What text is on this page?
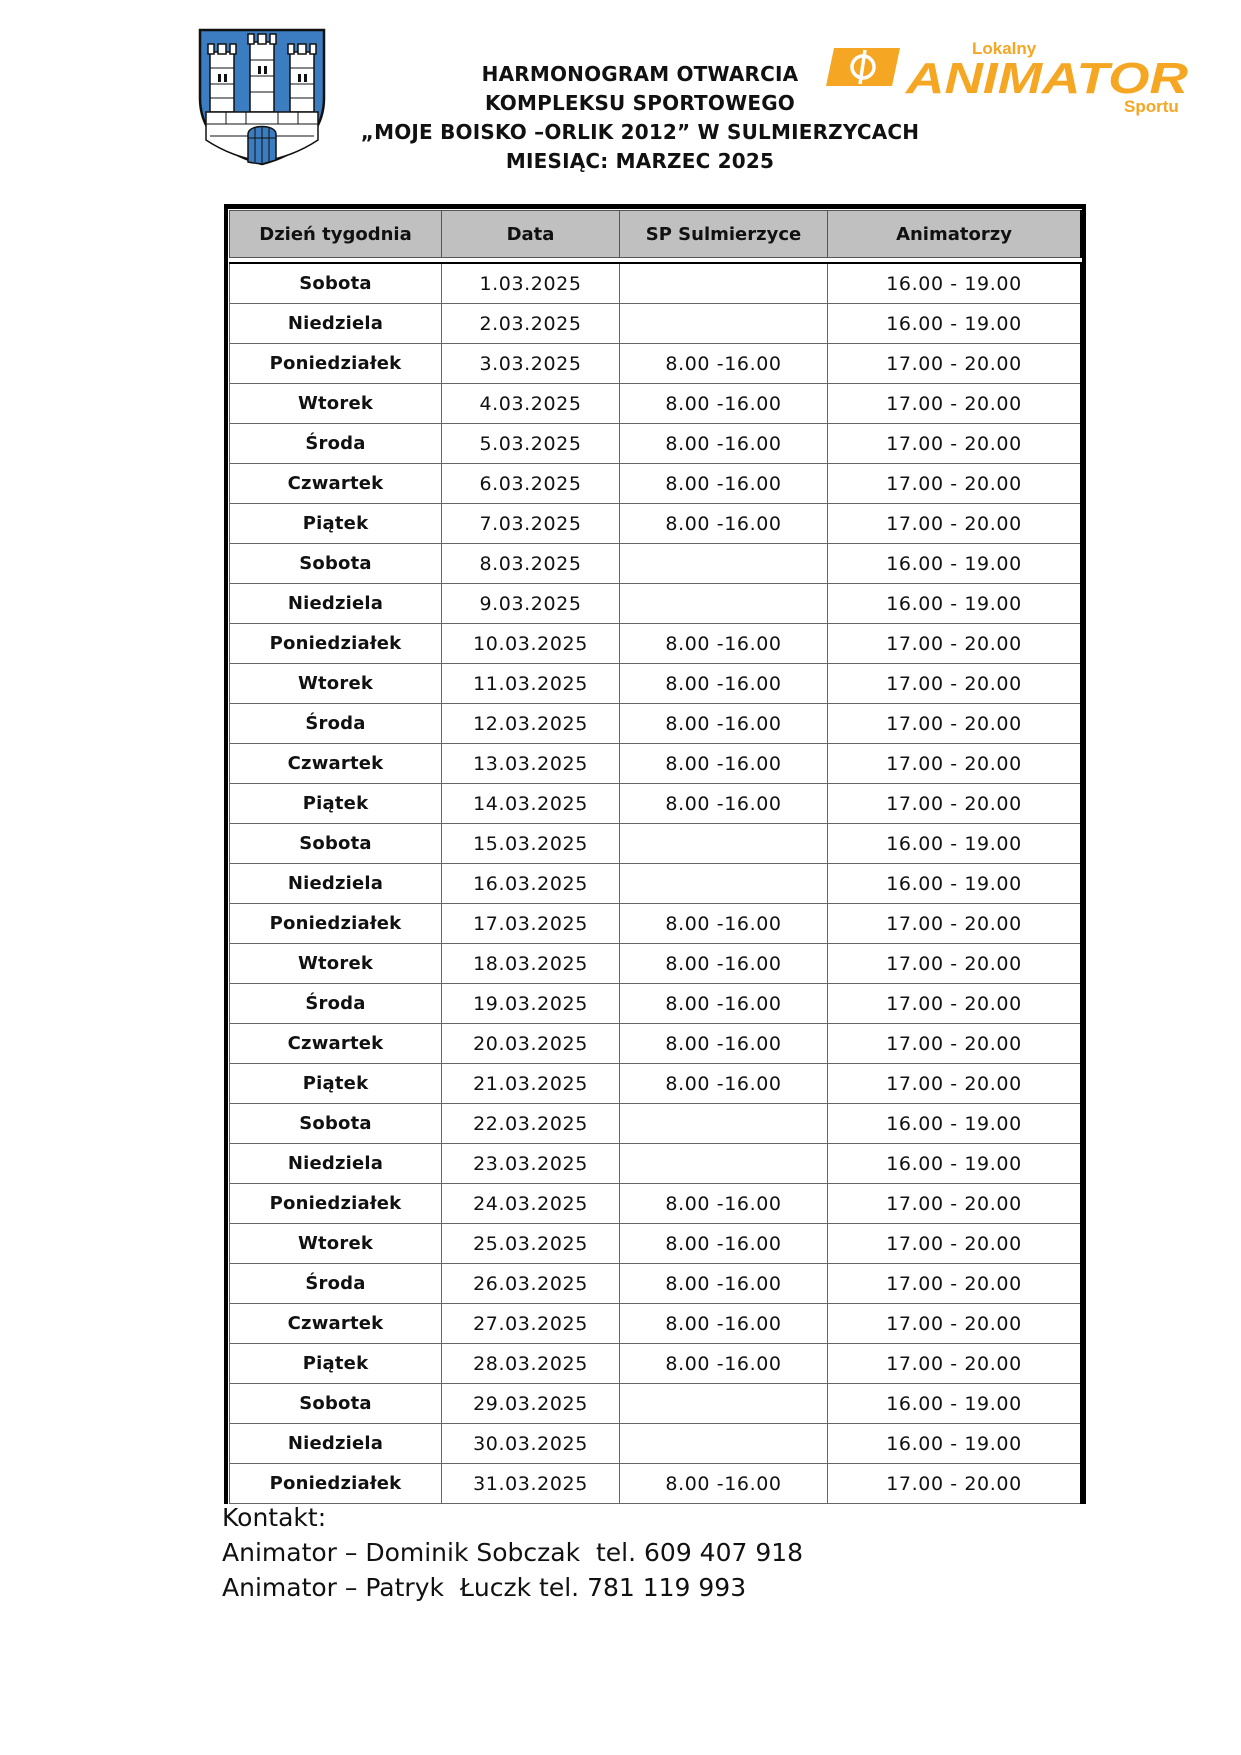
HARMONOGRAM OTWARCIA
KOMPLEKSU SPORTOWEGO
„MOJE BOISKO –ORLIK 2012” W SULMIERZYCACH
MIESIĄC: MARZEC 2025
Lokalny
ANIMATOR
Sportu
Dzień tygodnia	Data	SP Sulmierzyce	Animatorzy

Sobota	1.03.2025		16.00 - 19.00
Niedziela	2.03.2025		16.00 - 19.00
Poniedziałek	3.03.2025	8.00 -16.00	17.00 - 20.00
Wtorek	4.03.2025	8.00 -16.00	17.00 - 20.00
Środa	5.03.2025	8.00 -16.00	17.00 - 20.00
Czwartek	6.03.2025	8.00 -16.00	17.00 - 20.00
Piątek	7.03.2025	8.00 -16.00	17.00 - 20.00
Sobota	8.03.2025		16.00 - 19.00
Niedziela	9.03.2025		16.00 - 19.00
Poniedziałek	10.03.2025	8.00 -16.00	17.00 - 20.00
Wtorek	11.03.2025	8.00 -16.00	17.00 - 20.00
Środa	12.03.2025	8.00 -16.00	17.00 - 20.00
Czwartek	13.03.2025	8.00 -16.00	17.00 - 20.00
Piątek	14.03.2025	8.00 -16.00	17.00 - 20.00
Sobota	15.03.2025		16.00 - 19.00
Niedziela	16.03.2025		16.00 - 19.00
Poniedziałek	17.03.2025	8.00 -16.00	17.00 - 20.00
Wtorek	18.03.2025	8.00 -16.00	17.00 - 20.00
Środa	19.03.2025	8.00 -16.00	17.00 - 20.00
Czwartek	20.03.2025	8.00 -16.00	17.00 - 20.00
Piątek	21.03.2025	8.00 -16.00	17.00 - 20.00
Sobota	22.03.2025		16.00 - 19.00
Niedziela	23.03.2025		16.00 - 19.00
Poniedziałek	24.03.2025	8.00 -16.00	17.00 - 20.00
Wtorek	25.03.2025	8.00 -16.00	17.00 - 20.00
Środa	26.03.2025	8.00 -16.00	17.00 - 20.00
Czwartek	27.03.2025	8.00 -16.00	17.00 - 20.00
Piątek	28.03.2025	8.00 -16.00	17.00 - 20.00
Sobota	29.03.2025		16.00 - 19.00
Niedziela	30.03.2025		16.00 - 19.00
Poniedziałek	31.03.2025	8.00 -16.00	17.00 - 20.00
Kontakt:
Animator – Dominik Sobczak  tel. 609 407 918
Animator – Patryk  Łuczk tel. 781 119 993
